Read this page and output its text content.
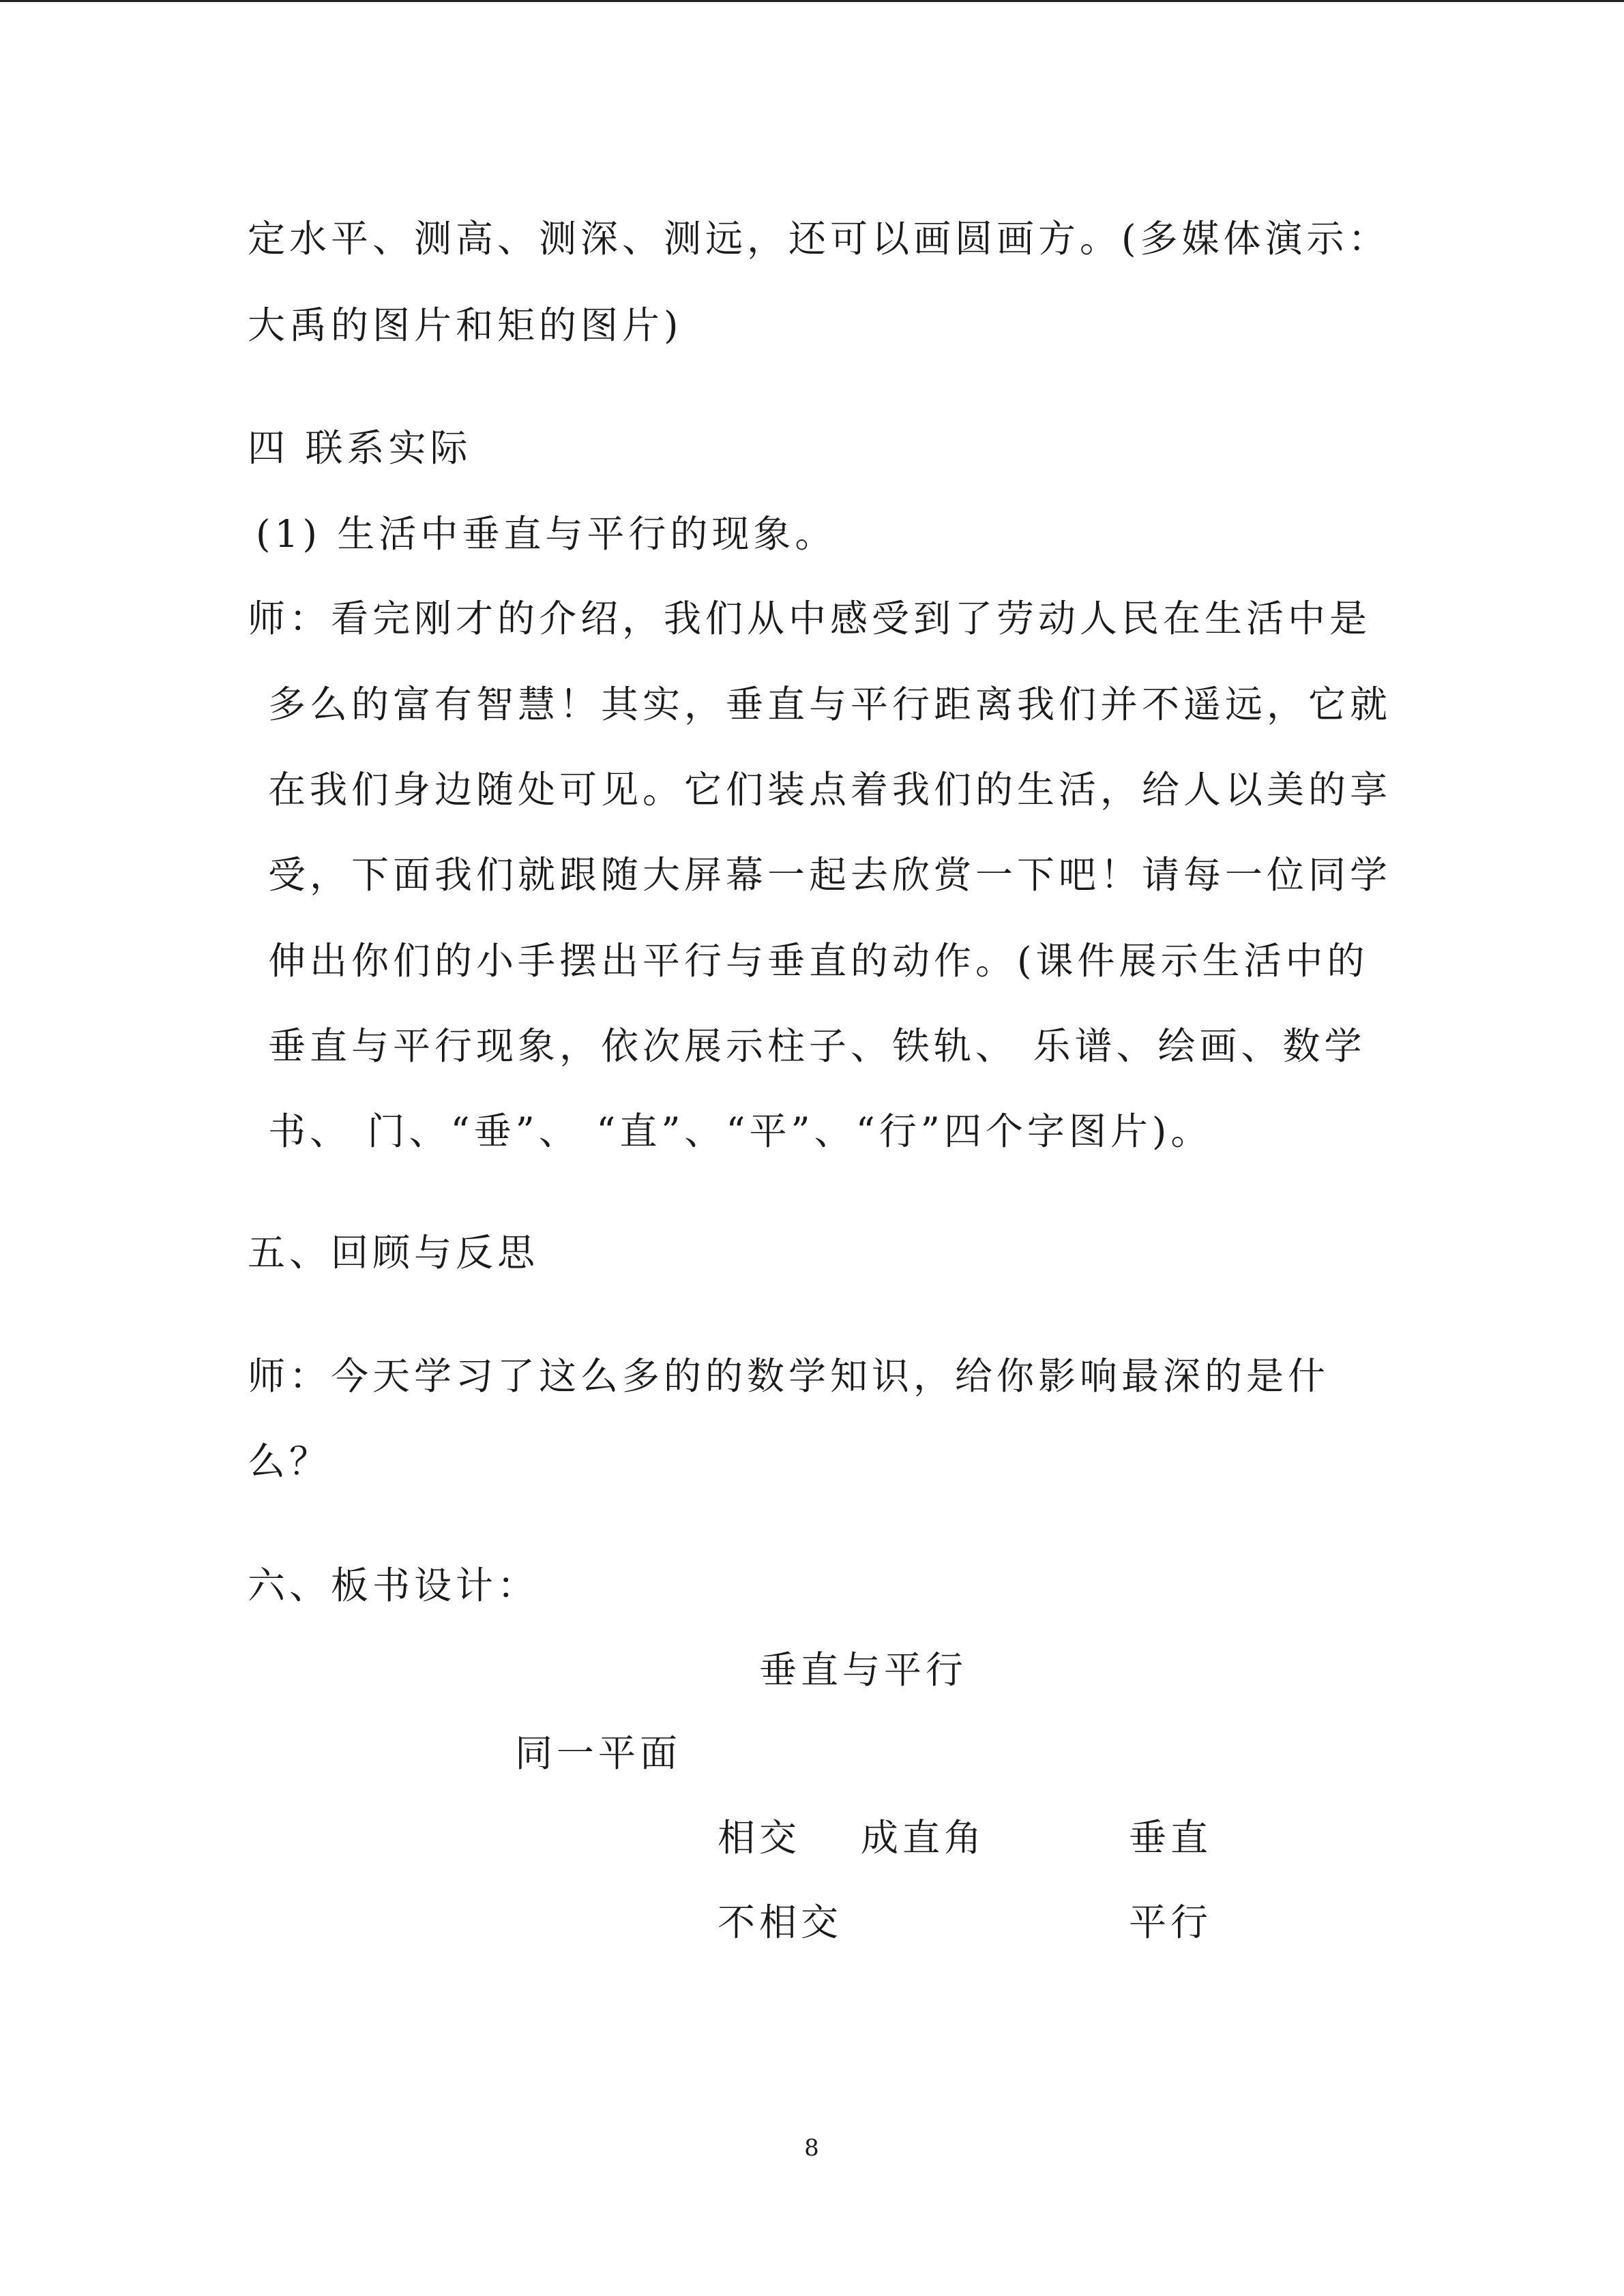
定水平、测高、测深、测远，还可以画圆画方。(多媒体演示：
大禹的图片和矩的图片)
四 联系实际
(1) 生活中垂直与平行的现象。
师：看完刚才的介绍，我们从中感受到了劳动人民在生活中是
多么的富有智慧！其实，垂直与平行距离我们并不遥远，它就
在我们身边随处可见。它们装点着我们的生活，给人以美的享
受，下面我们就跟随大屏幕一起去欣赏一下吧！请每一位同学
伸出你们的小手摆出平行与垂直的动作。(课件展示生活中的
垂直与平行现象，依次展示柱子、铁轨、 乐谱、绘画、数学
书、 门、“垂”、 “直”、“平”、“行”四个字图片)。
五、回顾与反思
师：今天学习了这么多的的数学知识，给你影响最深的是什
么？
六、板书设计：
垂直与平行
同一平面
相交 成直角	垂直
不相交	平行
8
